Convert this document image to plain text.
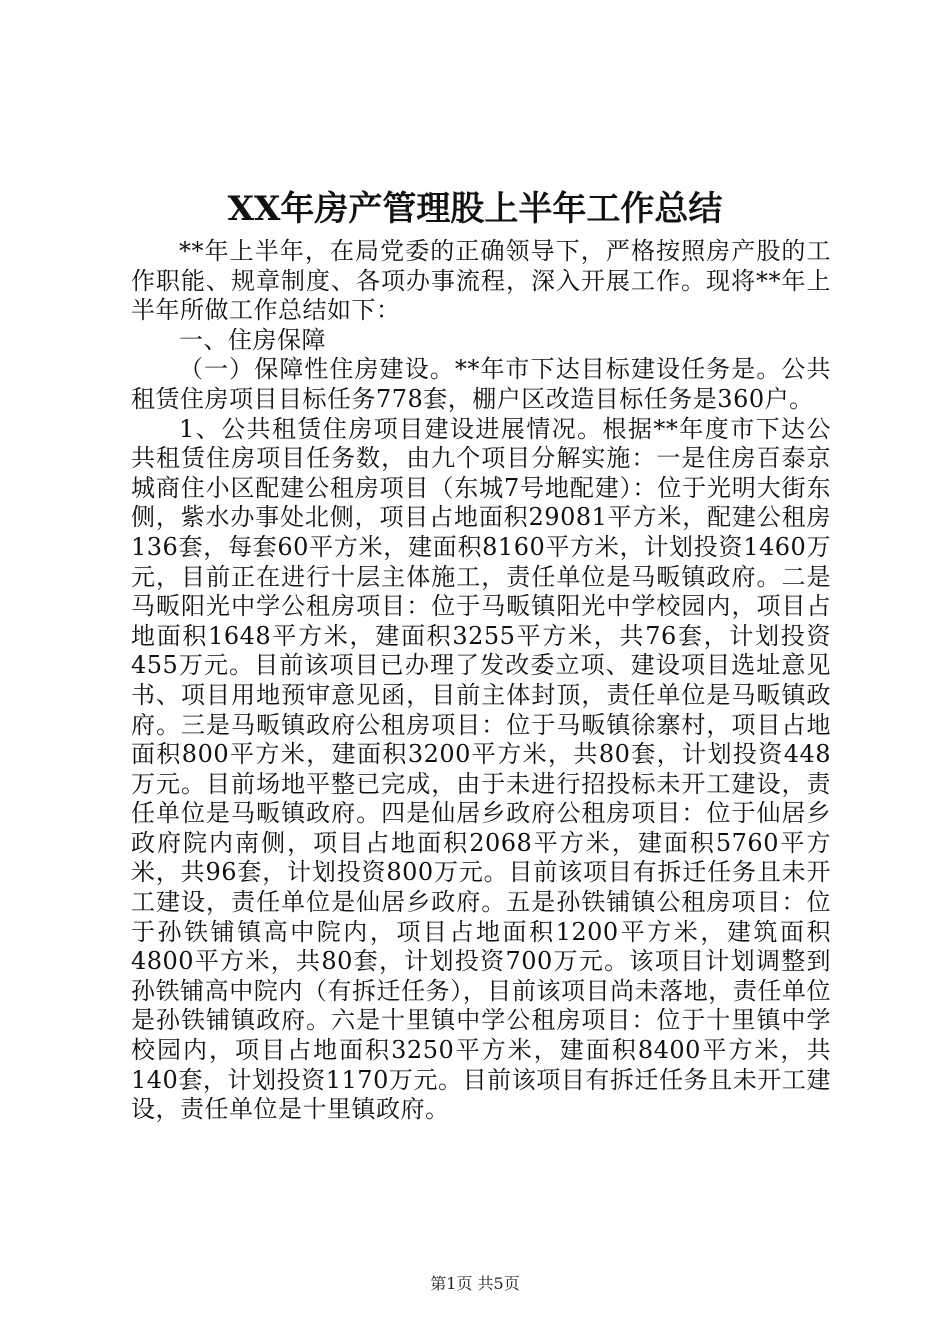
XX年房产管理股上半年工作总结

**年上半年，在局党委的正确领导下，严格按照房产股的工作职能、规章制度、各项办事流程，深入开展工作。现将**年上半年所做工作总结如下：

一、住房保障

（一）保障性住房建设。**年市下达目标建设任务是。公共租赁住房项目目标任务778套，棚户区改造目标任务是360户。

1、公共租赁住房项目建设进展情况。根据**年度市下达公共租赁住房项目任务数，由九个项目分解实施：一是住房百泰京城商住小区配建公租房项目（东城7号地配建）：位于光明大街东侧，紫水办事处北侧，项目占地面积29081平方米，配建公租房136套，每套60平方米，建面积8160平方米，计划投资1460万元，目前正在进行十层主体施工，责任单位是马畈镇政府。二是马畈阳光中学公租房项目：位于马畈镇阳光中学校园内，项目占地面积1648平方米，建面积3255平方米，共76套，计划投资455万元。目前该项目已办理了发改委立项、建设项目选址意见书、项目用地预审意见函，目前主体封顶，责任单位是马畈镇政府。三是马畈镇政府公租房项目：位于马畈镇徐寨村，项目占地面积800平方米，建面积3200平方米，共80套，计划投资448万元。目前场地平整已完成，由于未进行招投标未开工建设，责任单位是马畈镇政府。四是仙居乡政府公租房项目：位于仙居乡政府院内南侧，项目占地面积2068平方米，建面积5760平方米，共96套，计划投资800万元。目前该项目有拆迁任务且未开工建设，责任单位是仙居乡政府。五是孙铁铺镇公租房项目：位于孙铁铺镇高中院内，项目占地面积1200平方米，建筑面积4800平方米，共80套，计划投资700万元。该项目计划调整到孙铁铺高中院内（有拆迁任务），目前该项目尚未落地，责任单位是孙铁铺镇政府。六是十里镇中学公租房项目：位于十里镇中学校园内，项目占地面积3250平方米，建面积8400平方米，共140套，计划投资1170万元。目前该项目有拆迁任务且未开工建设，责任单位是十里镇政府。

第1页 共5页
